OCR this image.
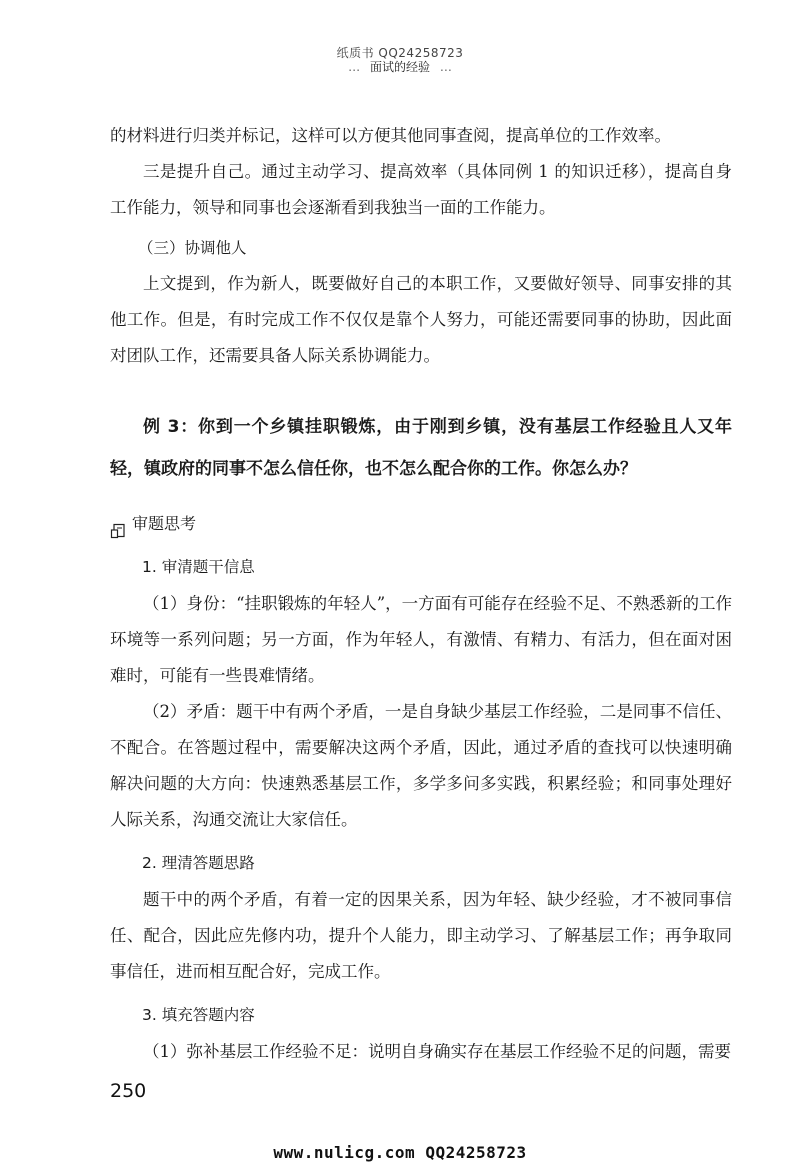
纸质书 QQ24258723
… 面试的经验 …

的材料进行归类并标记，这样可以方便其他同事查阅，提高单位的工作效率。

三是提升自己。通过主动学习、提高效率（具体同例 1 的知识迁移），提高自身工作能力，领导和同事也会逐渐看到我独当一面的工作能力。

（三）协调他人

上文提到，作为新人，既要做好自己的本职工作，又要做好领导、同事安排的其他工作。但是，有时完成工作不仅仅是靠个人努力，可能还需要同事的协助，因此面对团队工作，还需要具备人际关系协调能力。

例 3：你到一个乡镇挂职锻炼，由于刚到乡镇，没有基层工作经验且人又年轻，镇政府的同事不怎么信任你，也不怎么配合你的工作。你怎么办？
审题思考
1. 审清题干信息

（1）身份：“挂职锻炼的年轻人”，一方面有可能存在经验不足、不熟悉新的工作环境等一系列问题；另一方面，作为年轻人，有激情、有精力、有活力，但在面对困难时，可能有一些畏难情绪。

（2）矛盾：题干中有两个矛盾，一是自身缺少基层工作经验，二是同事不信任、不配合。在答题过程中，需要解决这两个矛盾，因此，通过矛盾的查找可以快速明确解决问题的大方向：快速熟悉基层工作，多学多问多实践，积累经验；和同事处理好人际关系，沟通交流让大家信任。

2. 理清答题思路

题干中的两个矛盾，有着一定的因果关系，因为年轻、缺少经验，才不被同事信任、配合，因此应先修内功，提升个人能力，即主动学习、了解基层工作；再争取同事信任，进而相互配合好，完成工作。

3. 填充答题内容

（1）弥补基层工作经验不足：说明自身确实存在基层工作经验不足的问题，需要

250
www.nulicg.com QQ24258723
